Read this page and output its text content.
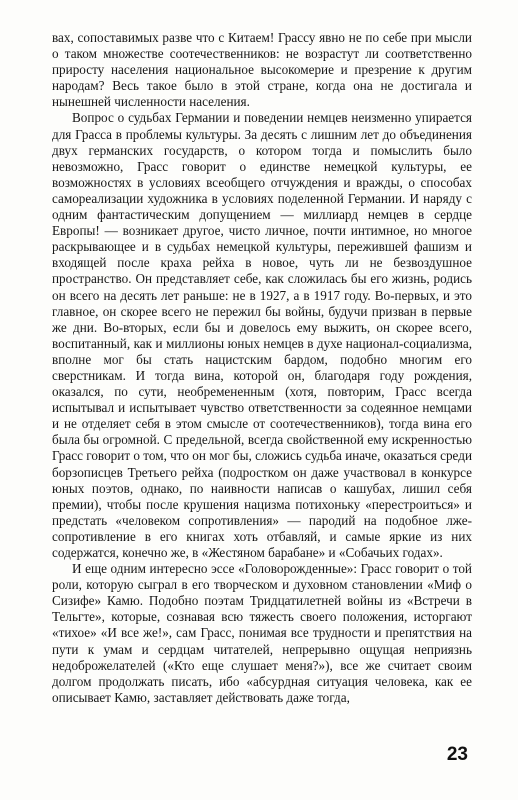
вах, сопоставимых разве что с Китаем! Грассу явно не по себе при мысли о таком множестве соотечественников: не возрастут ли соответственно приросту населения национальное высокомерие и презрение к другим народам? Весь такое было в этой стране, когда она не достигала и нынешней численности населения.

Вопрос о судьбах Германии и поведении немцев неизменно упирается для Грасса в проблемы культуры. За десять с лишним лет до объединения двух германских государств, о котором тогда и помыслить было невозможно, Грасс говорит о единстве немецкой культуры, ее возможностях в условиях всеобщего отчуждения и вражды, о способах самореализации художника в условиях поделенной Германии. И наряду с одним фантастическим допущением — миллиард немцев в сердце Европы! — возникает другое, чисто личное, почти интимное, но многое раскрывающее и в судьбах немецкой культуры, пережившей фашизм и входящей после краха рейха в новое, чуть ли не безвоздушное пространство. Он представляет себе, как сложилась бы его жизнь, родись он всего на десять лет раньше: не в 1927, а в 1917 году. Во-первых, и это главное, он скорее всего не пережил бы войны, будучи призван в первые же дни. Во-вторых, если бы и довелось ему выжить, он скорее всего, воспитанный, как и миллионы юных немцев в духе национал-социализма, вполне мог бы стать нацистским бардом, подобно многим его сверстникам. И тогда вина, которой он, благодаря году рождения, оказался, по сути, необремененным (хотя, повторим, Грасс всегда испытывал и испытывает чувство ответственности за содеянное немцами и не отделяет себя в этом смысле от соотечественников), тогда вина его была бы огромной. С предельной, всегда свойственной ему искренностью Грасс говорит о том, что он мог бы, сложись судьба иначе, оказаться среди борзописцев Третьего рейха (подростком он даже участвовал в конкурсе юных поэтов, однако, по наивности написав о кашубах, лишил себя премии), чтобы после крушения нацизма потихоньку «перестроиться» и предстать «человеком сопротивления» — пародий на подобное лже-сопротивление в его книгах хоть отбавляй, и самые яркие из них содержатся, конечно же, в «Жестяном барабане» и «Собачьих годах».

И еще одним интересно эссе «Головорожденные»: Грасс говорит о той роли, которую сыграл в его творческом и духовном становлении «Миф о Сизифе» Камю. Подобно поэтам Тридцатилетней войны из «Встречи в Тельгте», которые, сознавая всю тяжесть своего положения, исторгают «тихое» «И все же!», сам Грасс, понимая все трудности и препятствия на пути к умам и сердцам читателей, непрерывно ощущая неприязнь недоброжелателей («Кто еще слушает меня?»), все же считает своим долгом продолжать писать, ибо «абсурдная ситуация человека, как ее описывает Камю, заставляет действовать даже тогда,

23
